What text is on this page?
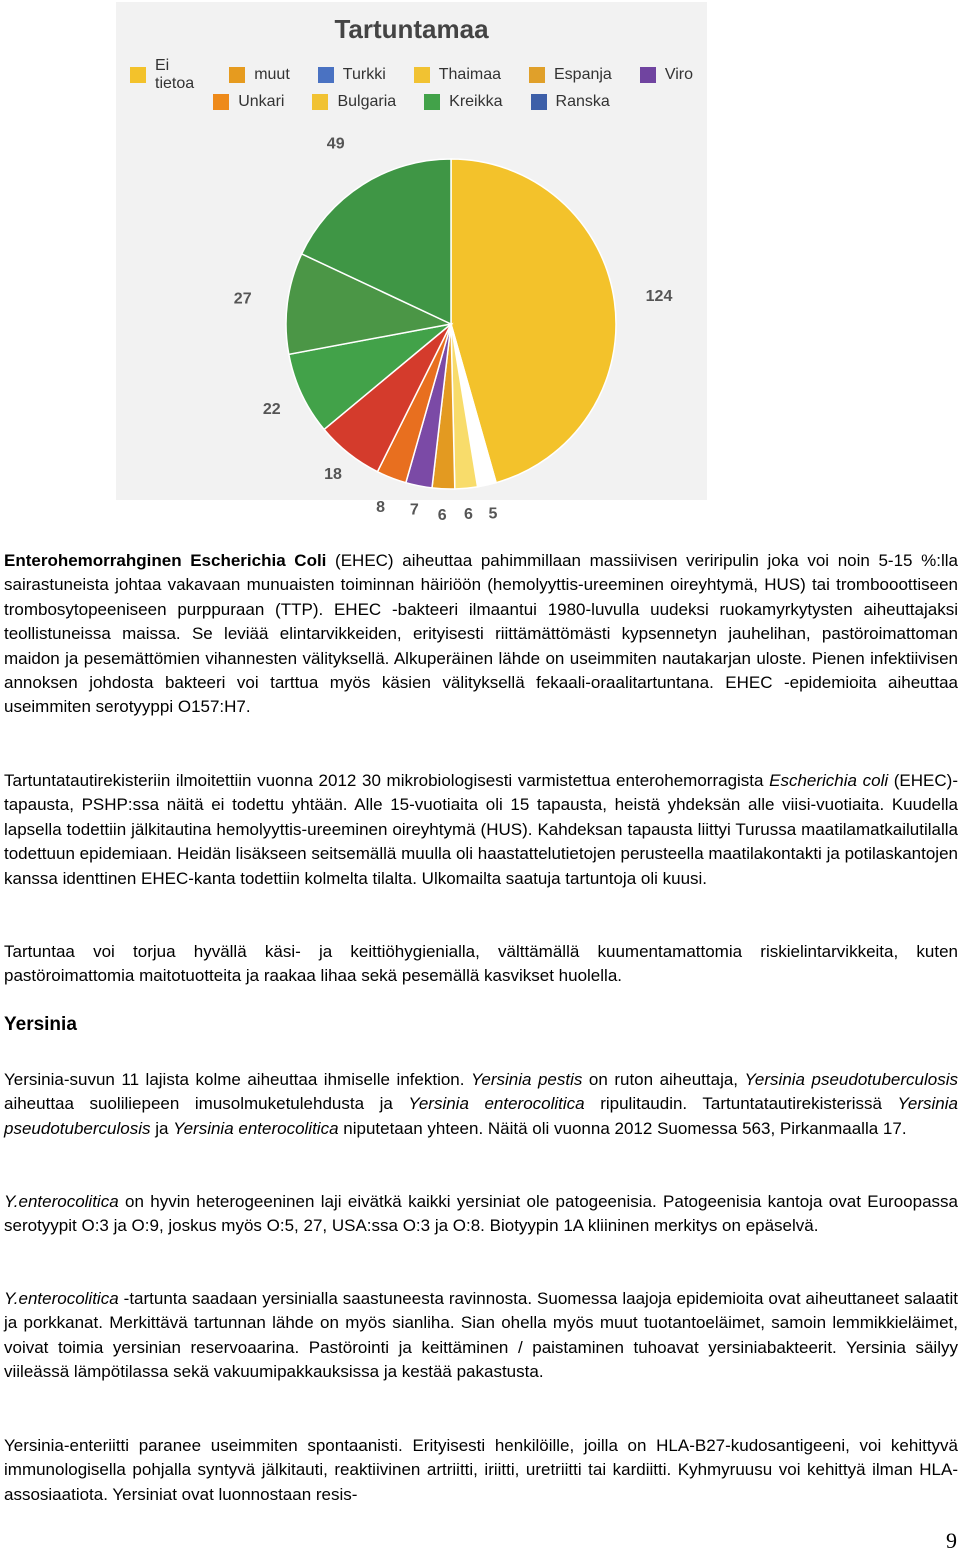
Tartuntamaa
Ei tietoa
muut	Turkki	Thaimaa	Espanja	Viro
Unkari	Bulgaria	Kreikka	Ranska
124
5
6
6
7
8
18
22
27
49

Enterohemorrahginen Escherichia Coli (EHEC) aiheuttaa pahimmillaan massiivisen veriripulin joka voi noin 5-15 %:lla sairastuneista johtaa vakavaan munuaisten toiminnan häiriöön (hemolyyttis-ureeminen oireyhtymä, HUS) tai trombooottiseen trombosytopeeniseen purppuraan (TTP). EHEC -bakteeri ilmaantui 1980-luvulla uudeksi ruokamyrkytysten aiheuttajaksi teollistuneissa maissa. Se leviää elintarvikkeiden, erityisesti riittämättömästi kypsennetyn jauhelihan, pastöroimattoman maidon ja pesemättömien vihannesten välityksellä. Alkuperäinen lähde on useimmiten nautakarjan uloste. Pienen infektiivisen annoksen johdosta bakteeri voi tarttua myös käsien välityksellä fekaali-oraalitartuntana. EHEC -epidemioita aiheuttaa useimmiten serotyyppi O157:H7.

Tartuntatautirekisteriin ilmoitettiin vuonna 2012 30 mikrobiologisesti varmistettua enterohemorragista Escherichia coli (EHEC)-tapausta, PSHP:ssa näitä ei todettu yhtään. Alle 15-vuotiaita oli 15 tapausta, heistä yhdeksän alle viisi-vuotiaita. Kuudella lapsella todettiin jälkitautina hemolyyttis-ureeminen oireyhtymä (HUS). Kahdeksan tapausta liittyi Turussa maatilamatkailutilalla todettuun epidemiaan. Heidän lisäkseen seitsemällä muulla oli haastattelutietojen perusteella maatilakontakti ja potilaskantojen kanssa identtinen EHEC-kanta todettiin kolmelta tilalta. Ulkomailta saatuja tartuntoja oli kuusi.

Tartuntaa voi torjua hyvällä käsi- ja keittiöhygienialla, välttämällä kuumentamattomia riskielintarvikkeita, kuten pastöroimattomia maitotuotteita ja raakaa lihaa sekä pesemällä kasvikset huolella.

Yersinia

Yersinia-suvun 11 lajista kolme aiheuttaa ihmiselle infektion. Yersinia pestis on ruton aiheuttaja, Yersinia pseudotuberculosis aiheuttaa suoliliepeen imusolmuketulehdusta ja Yersinia enterocolitica ripulitaudin. Tartuntatautirekisterissä Yersinia pseudotuberculosis ja Yersinia enterocolitica niputetaan yhteen. Näitä oli vuonna 2012 Suomessa 563, Pirkanmaalla 17.

Y.enterocolitica on hyvin heterogeeninen laji eivätkä kaikki yersiniat ole patogeenisia. Patogeenisia kantoja ovat Euroopassa serotyypit O:3 ja O:9, joskus myös O:5, 27, USA:ssa O:3 ja O:8. Biotyypin 1A kliininen merkitys on epäselvä.

Y.enterocolitica -tartunta saadaan yersinialla saastuneesta ravinnosta. Suomessa laajoja epidemioita ovat aiheuttaneet salaatit ja porkkanat. Merkittävä tartunnan lähde on myös sianliha. Sian ohella myös muut tuotantoeläimet, samoin lemmikkieläimet, voivat toimia yersinian reservoaarina. Pastörointi ja keittäminen / paistaminen tuhoavat yersiniabakteerit. Yersinia säilyy viileässä lämpötilassa sekä vakuumipakkauksissa ja kestää pakastusta.

Yersinia-enteriitti paranee useimmiten spontaanisti. Erityisesti henkilöille, joilla on HLA-B27-kudosantigeeni, voi kehittyvä immunologisella pohjalla syntyvä jälkitauti, reaktiivinen artriitti, iriitti, uretriitti tai kardiitti. Kyhmyruusu voi kehittyä ilman HLA-assosiaatiota. Yersiniat ovat luonnostaan resis-

9
